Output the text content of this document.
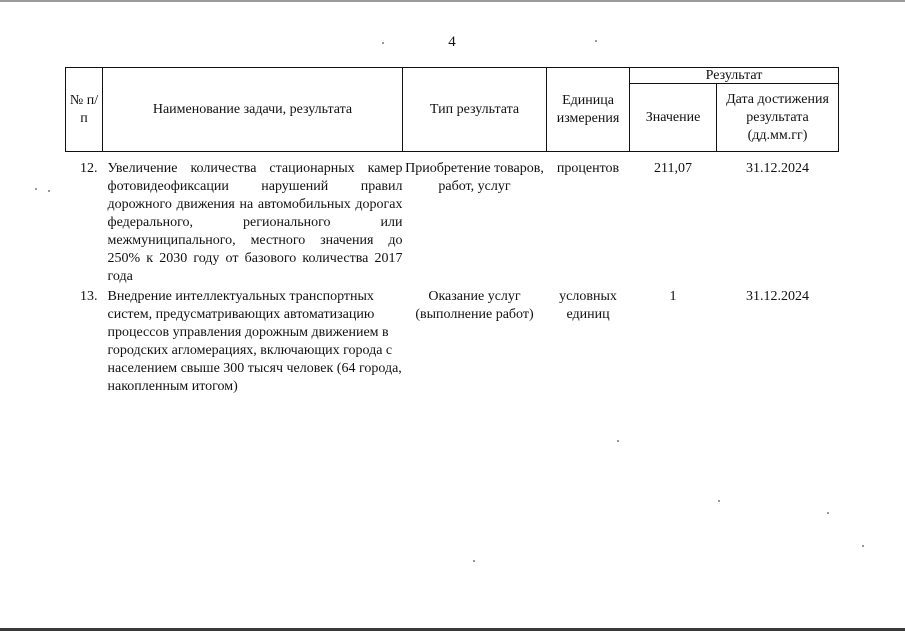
4
№ п/п	Наименование задачи, результата	Тип результата	Единица измерения	Результат	
				Значение	Дата достижения результата (дд.мм.гг)
12.	Увеличение количества стационарных камер фотовидеофиксации нарушений правил дорожного движения на автомобильных дорогах федерального, регионального или межмуниципального, местного значения до 250% к 2030 году от базового количества 2017 года	Приобретение товаров, работ, услуг	процентов	211,07	31.12.2024
13.	Внедрение интеллектуальных транспортных систем, предусматривающих автоматизацию процессов управления дорожным движением в городских агломерациях, включающих города с населением свыше 300 тысяч человек (64 города, накопленным итогом)	Оказание услуг (выполнение работ)	условных единиц	1	31.12.2024
